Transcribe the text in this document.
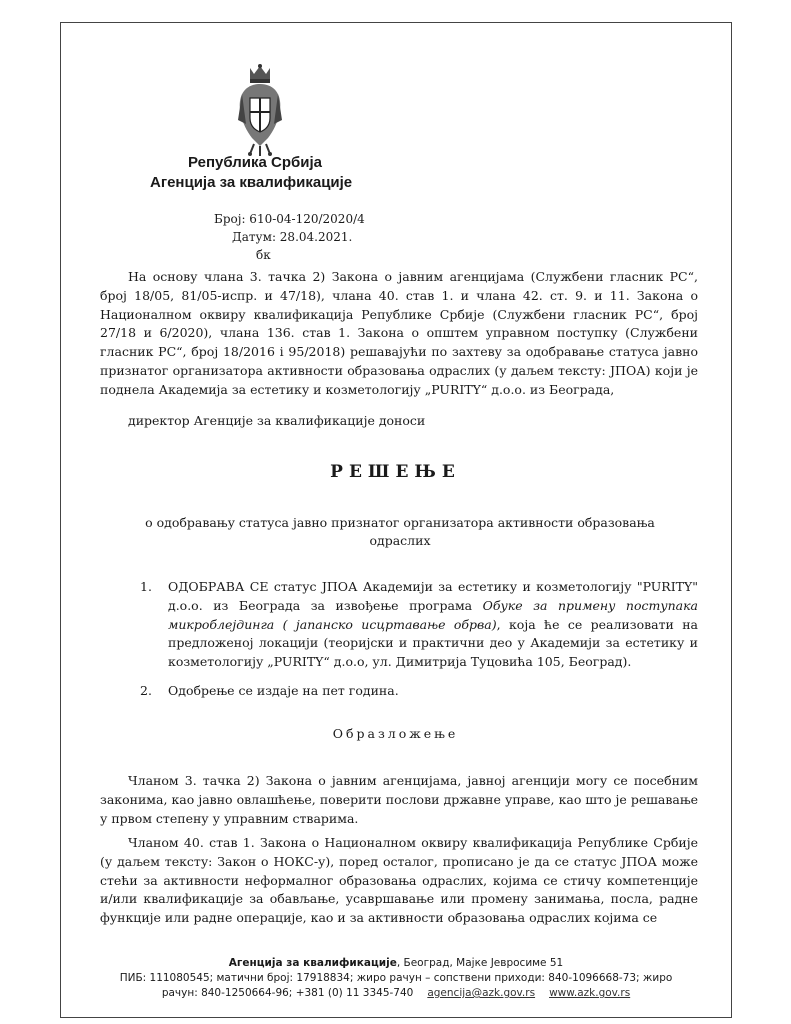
Република Србија
Агенција за квалификације
Број: 610-04-120/2020/4
Датум: 28.04.2021.
бк
На основу члана 3. тачка 2) Закона о јавним агенцијама (Службени гласник РС“, број 18/05, 81/05-испр. и 47/18), члана 40. став 1. и члана 42. ст. 9. и 11. Закона о Националном оквиру квалификација Републике Србије (Службени гласник РС“, број 27/18 и 6/2020), члана 136. став 1. Закона о општем управном поступку (Службени гласник РС“, број 18/2016 і 95/2018) решавајући по захтеву за одобравање статуса јавно признатог организатора активности образовања одраслих (у даљем тексту: ЈПОА) који је поднела Академија за естетику и козметологију „PURITY“ д.о.о. из Београда,
директор Агенције за квалификације доноси
РЕШЕЊЕ
о одобравању статуса јавно признатог организатора активности образовања одраслих
1. ОДОБРАВА СЕ статус ЈПОА Академији за естетику и козметологију "PURITY" д.о.о. из Београда за извођење програма Обуке за примену поступака микроблејдинга ( јапанско исцртавање обрва), која ће се реализовати на предложеној локацији (теоријски и практични део у Академији за естетику и козметологију „PURITY“ д.о.о, ул. Димитрија Туцовића 105, Београд).
2. Одобрење се издаје на пет година.
Образложење
Чланом 3. тачка 2) Закона о јавним агенцијама, јавној агенцији могу се посебним законима, као јавно овлашћење, поверити послови државне управе, као што је решавање у првом степену у управним стварима.
Чланом 40. став 1. Закона о Националном оквиру квалификација Републике Србије (у даљем тексту: Закон о НОКС-у), поред осталог, прописано је да се статус ЈПОА може стећи за активности неформалног образовања одраслих, којима се стичу компетенције и/или квалификације за обављање, усавршавање или промену занимања, посла, радне функције или радне операције, као и за активности образовања одраслих којима се
Агенција за квалификације, Београд, Мајке Јевросиме 51
ПИБ: 111080545; матични број: 17918834; жиро рачун – сопствени приходи: 840-1096668-73; жиро
рачун: 840-1250664-96; +381 (0) 11 3345-740 agencija@azk.gov.rs www.azk.gov.rs
